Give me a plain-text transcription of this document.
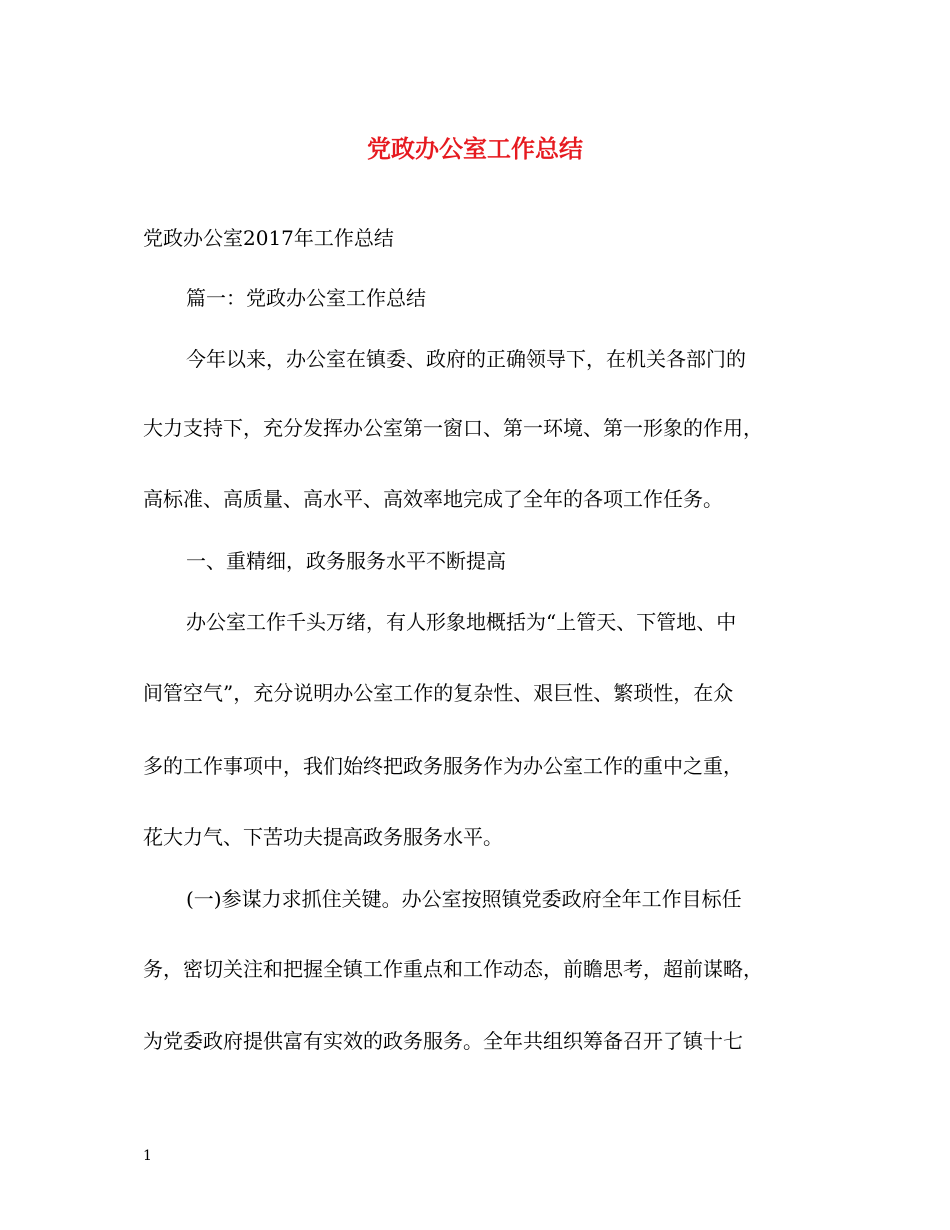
党政办公室工作总结
党政办公室2017年工作总结
篇一：党政办公室工作总结
今年以来，办公室在镇委、政府的正确领导下，在机关各部门的
大力支持下，充分发挥办公室第一窗口、第一环境、第一形象的作用，
高标准、高质量、高水平、高效率地完成了全年的各项工作任务。
一、重精细，政务服务水平不断提高
办公室工作千头万绪，有人形象地概括为“上管天、下管地、中
间管空气”，充分说明办公室工作的复杂性、艰巨性、繁琐性，在众
多的工作事项中，我们始终把政务服务作为办公室工作的重中之重，
花大力气、下苦功夫提高政务服务水平。
(一)参谋力求抓住关键。办公室按照镇党委政府全年工作目标任
务，密切关注和把握全镇工作重点和工作动态，前瞻思考，超前谋略，
为党委政府提供富有实效的政务服务。全年共组织筹备召开了镇十七
1
